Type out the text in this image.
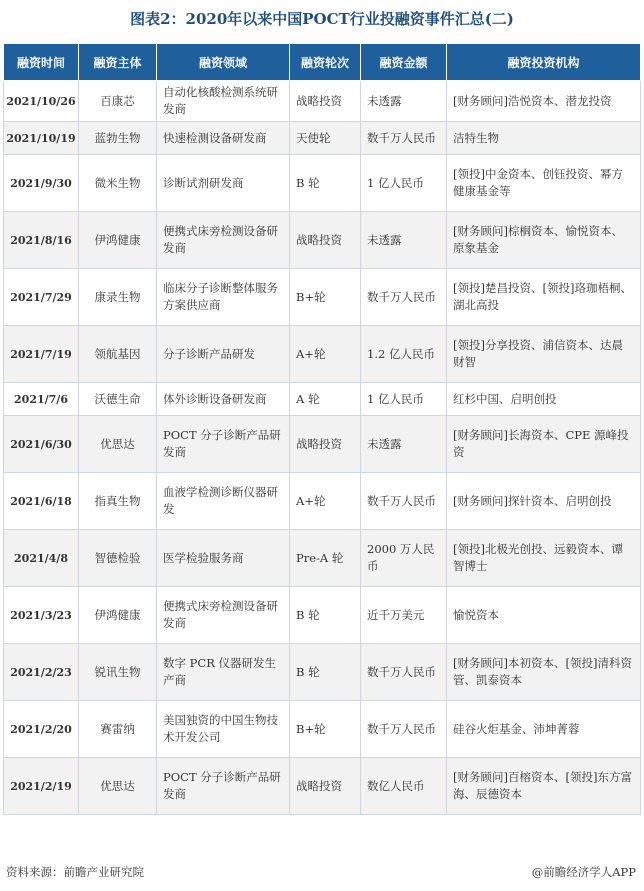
图表2：2020年以来中国POCT行业投融资事件汇总(二)
融资时间	融资主体	融资领域	融资轮次	融资金额	融资投资机构
2021/10/26	百康芯	自动化核酸检测系统研发商	战略投资	未透露	[财务顾问]浩悦资本、潜龙投资
2021/10/19	蓝勃生物	快速检测设备研发商	天使轮	数千万人民币	洁特生物
2021/9/30	微米生物	诊断试剂研发商	B 轮	1 亿人民币	[领投]中金资本、创钰投资、幂方健康基金等
2021/8/16	伊鸿健康	便携式床旁检测设备研发商	战略投资	未透露	[财务顾问]棕榈资本、愉悦资本、原象基金
2021/7/29	康录生物	临床分子诊断整体服务方案供应商	B+轮	数千万人民币	[领投]楚昌投资、[领投]珞珈梧桐、湖北高投
2021/7/19	领航基因	分子诊断产品研发	A+轮	1.2 亿人民币	[领投]分享投资、浦信资本、达晨财智
2021/7/6	沃德生命	体外诊断设备研发商	A 轮	1 亿人民币	红杉中国、启明创投
2021/6/30	优思达	POCT 分子诊断产品研发商	战略投资	未透露	[财务顾问]长海资本、CPE 源峰投资
2021/6/18	指真生物	血液学检测诊断仪器研发	A+轮	数千万人民币	[财务顾问]探针资本、启明创投
2021/4/8	智德检验	医学检验服务商	Pre-A 轮	2000 万人民币	[领投]北极光创投、远毅资本、谭智博士
2021/3/23	伊鸿健康	便携式床旁检测设备研发商	B 轮	近千万美元	愉悦资本
2021/2/23	锐讯生物	数字 PCR 仪器研发生产商	B 轮	数千万人民币	[财务顾问]本初资本、[领投]清科资管、凯泰资本
2021/2/20	赛雷纳	美国独资的中国生物技术开发公司	B+轮	数千万人民币	硅谷火炬基金、沛坤菁蓉
2021/2/19	优思达	POCT 分子诊断产品研发商	战略投资	数亿人民币	[财务顾问]百榕资本、[领投]东方富海、辰德资本
资料来源：前瞻产业研究院	@前瞻经济学人APP
